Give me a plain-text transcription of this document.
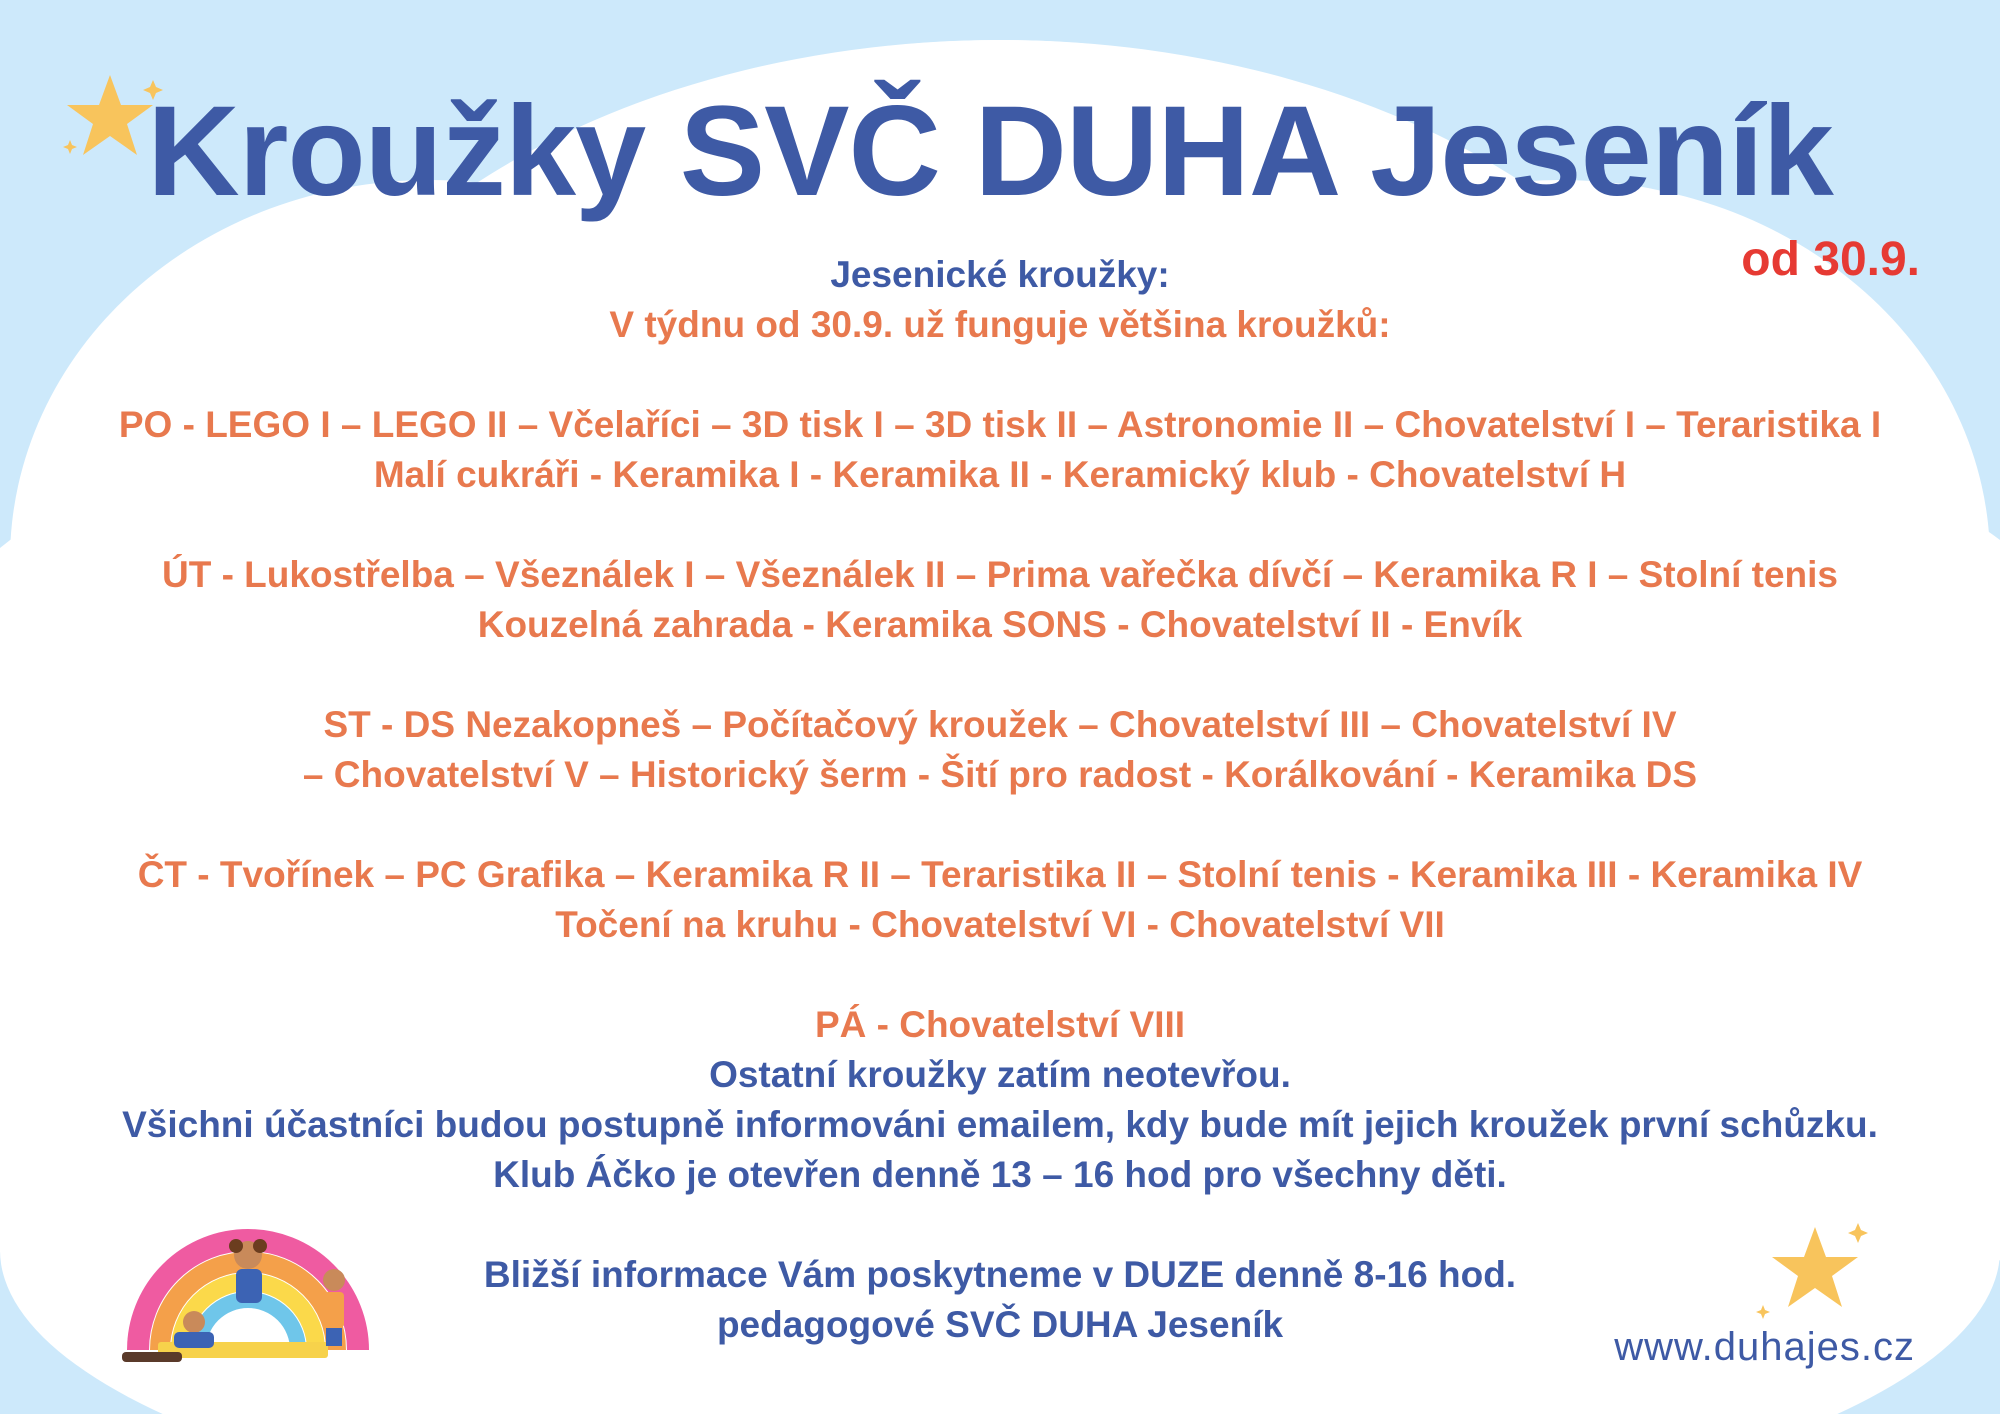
Kroužky SVČ DUHA Jeseník
od 30.9.
Jesenické kroužky:
V týdnu od 30.9. už funguje většina kroužků:
PO - LEGO I – LEGO II – Včelaříci – 3D tisk I – 3D tisk II – Astronomie II – Chovatelství I – Teraristika I
Malí cukráři - Keramika I - Keramika II - Keramický klub - Chovatelství H
ÚT - Lukostřelba – Všeználek I – Všeználek II – Prima vařečka dívčí – Keramika R I – Stolní tenis
Kouzelná zahrada - Keramika SONS - Chovatelství II - Envík
ST - DS Nezakopneš – Počítačový kroužek – Chovatelství III – Chovatelství IV
– Chovatelství V – Historický šerm - Šití pro radost - Korálkování - Keramika DS
ČT - Tvořínek – PC Grafika – Keramika R II – Teraristika II – Stolní tenis - Keramika III - Keramika IV
Točení na kruhu - Chovatelství VI - Chovatelství VII
PÁ - Chovatelství VIII
Ostatní kroužky zatím neotevřou.
Všichni účastníci budou postupně informováni emailem, kdy bude mít jejich kroužek první schůzku.
Klub Áčko je otevřen denně 13 – 16 hod pro všechny děti.
Bližší informace Vám poskytneme v DUZE denně 8-16 hod.
pedagogové SVČ DUHA Jeseník
www.duhajes.cz
